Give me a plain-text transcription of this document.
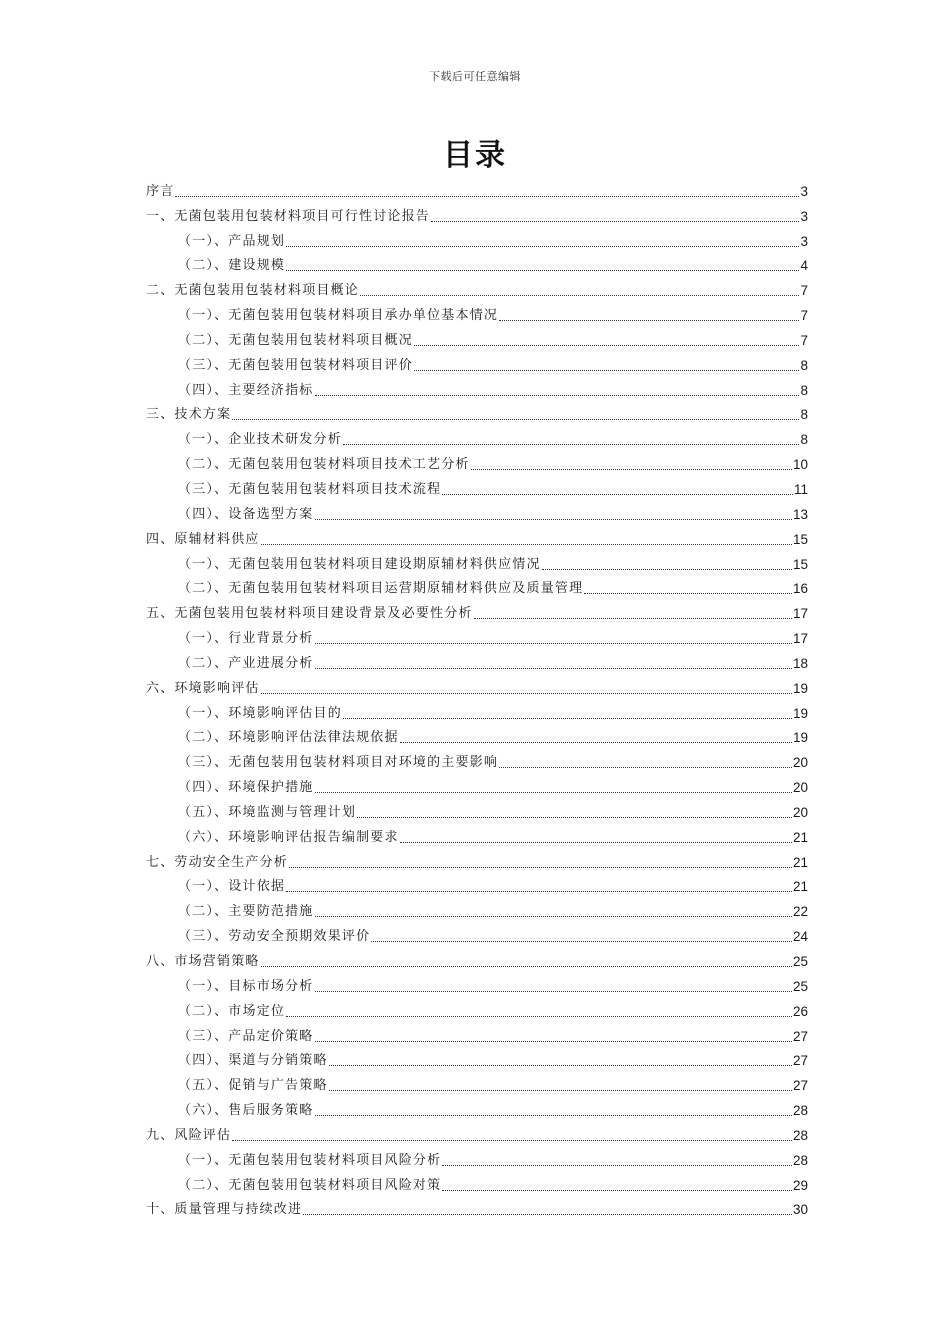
下载后可任意编辑
目录
序言	3
一、无菌包装用包装材料项目可行性讨论报告	3
（一）、产品规划	3
（二）、建设规模	4
二、无菌包装用包装材料项目概论	7
（一）、无菌包装用包装材料项目承办单位基本情况	7
（二）、无菌包装用包装材料项目概况	7
（三）、无菌包装用包装材料项目评价	8
（四）、主要经济指标	8
三、技术方案	8
（一）、企业技术研发分析	8
（二）、无菌包装用包装材料项目技术工艺分析	10
（三）、无菌包装用包装材料项目技术流程	11
（四）、设备选型方案	13
四、原辅材料供应	15
（一）、无菌包装用包装材料项目建设期原辅材料供应情况	15
（二）、无菌包装用包装材料项目运营期原辅材料供应及质量管理	16
五、无菌包装用包装材料项目建设背景及必要性分析	17
（一）、行业背景分析	17
（二）、产业进展分析	18
六、环境影响评估	19
（一）、环境影响评估目的	19
（二）、环境影响评估法律法规依据	19
（三）、无菌包装用包装材料项目对环境的主要影响	20
（四）、环境保护措施	20
（五）、环境监测与管理计划	20
（六）、环境影响评估报告编制要求	21
七、劳动安全生产分析	21
（一）、设计依据	21
（二）、主要防范措施	22
（三）、劳动安全预期效果评价	24
八、市场营销策略	25
（一）、目标市场分析	25
（二）、市场定位	26
（三）、产品定价策略	27
（四）、渠道与分销策略	27
（五）、促销与广告策略	27
（六）、售后服务策略	28
九、风险评估	28
（一）、无菌包装用包装材料项目风险分析	28
（二）、无菌包装用包装材料项目风险对策	29
十、质量管理与持续改进	30
